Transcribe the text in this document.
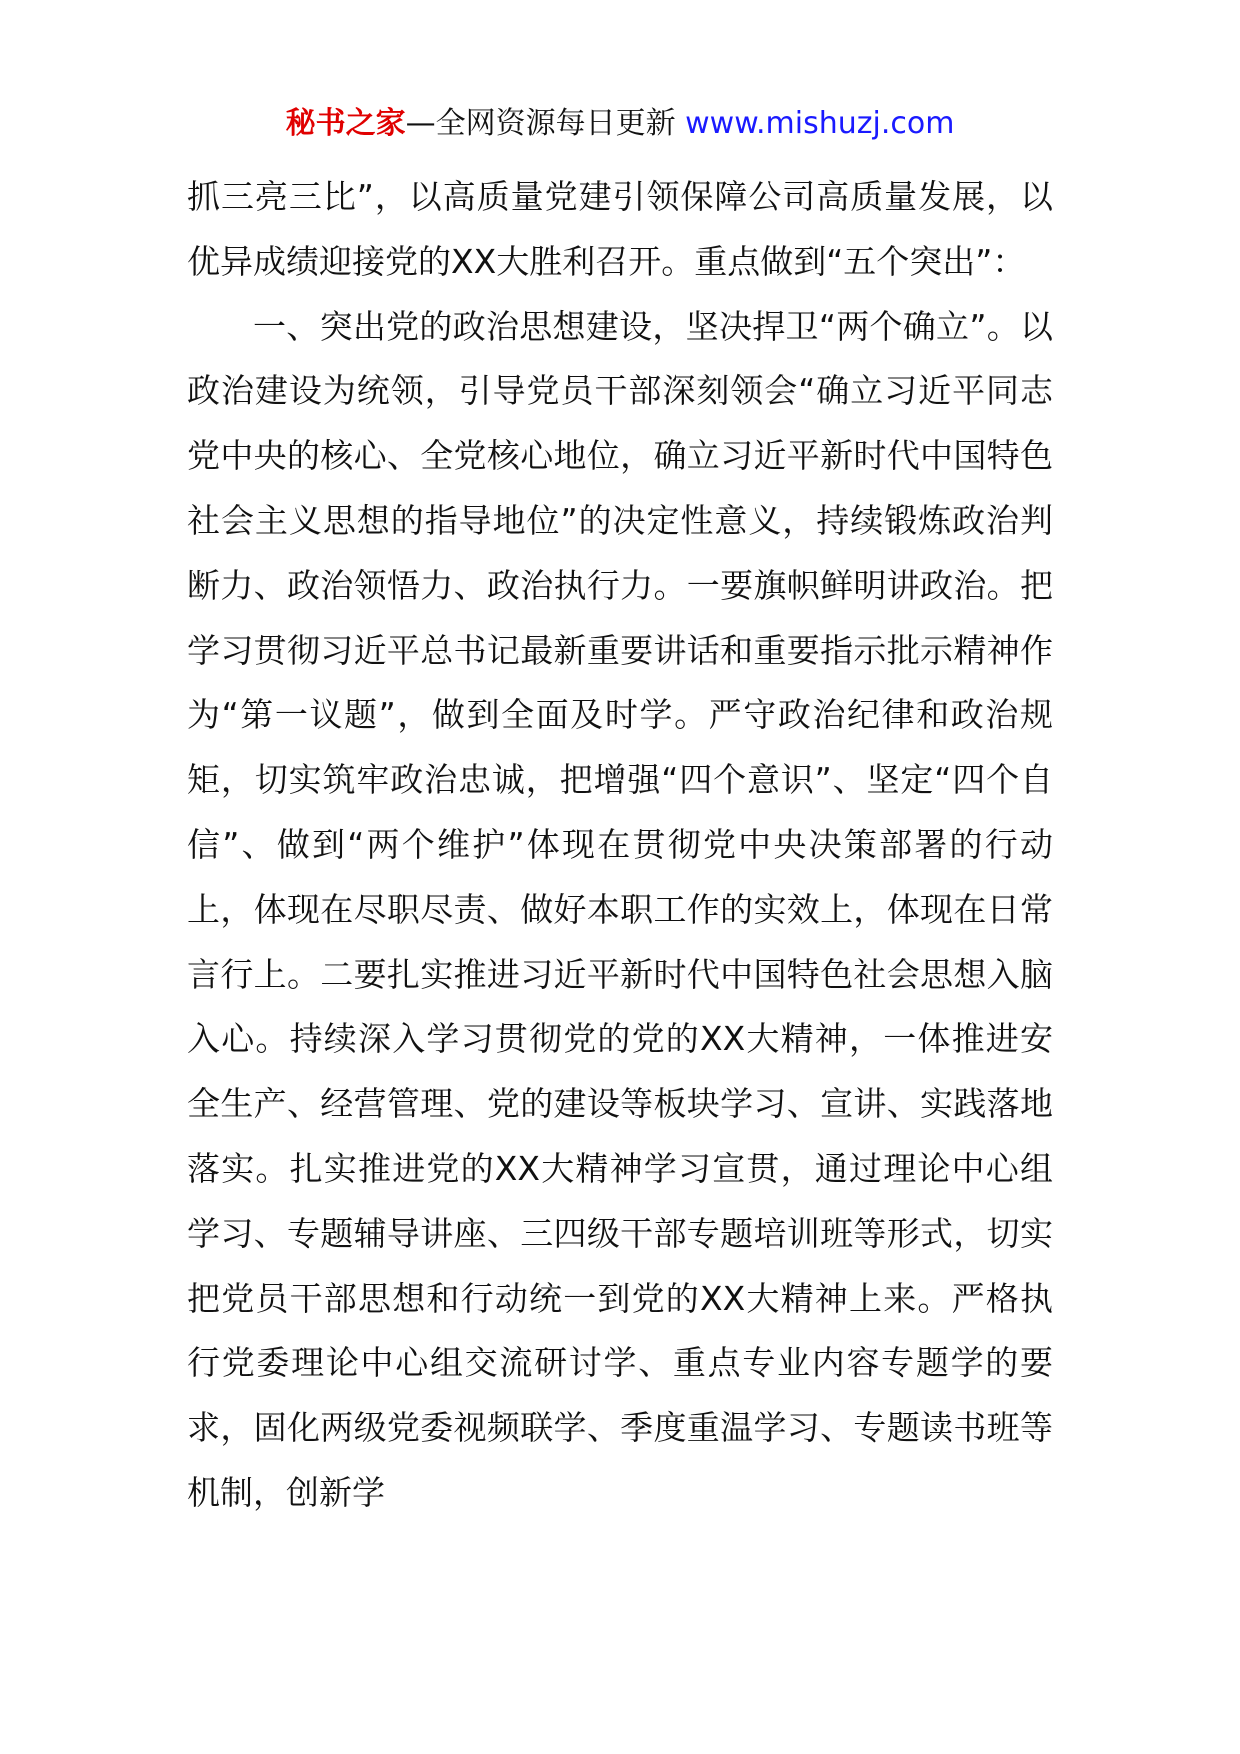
秘书之家—全网资源每日更新 www.mishuzj.com

抓三亮三比”，以高质量党建引领保障公司高质量发展，以优异成绩迎接党的XX大胜利召开。重点做到“五个突出”：

一、突出党的政治思想建设，坚决捍卫“两个确立”。以政治建设为统领，引导党员干部深刻领会“确立习近平同志党中央的核心、全党核心地位，确立习近平新时代中国特色社会主义思想的指导地位”的决定性意义，持续锻炼政治判断力、政治领悟力、政治执行力。一要旗帜鲜明讲政治。把学习贯彻习近平总书记最新重要讲话和重要指示批示精神作为“第一议题”，做到全面及时学。严守政治纪律和政治规矩，切实筑牢政治忠诚，把增强“四个意识”、坚定“四个自信”、做到“两个维护”体现在贯彻党中央决策部署的行动上，体现在尽职尽责、做好本职工作的实效上，体现在日常言行上。二要扎实推进习近平新时代中国特色社会思想入脑入心。持续深入学习贯彻党的党的XX大精神，一体推进安全生产、经营管理、党的建设等板块学习、宣讲、实践落地落实。扎实推进党的XX大精神学习宣贯，通过理论中心组学习、专题辅导讲座、三四级干部专题培训班等形式，切实把党员干部思想和行动统一到党的XX大精神上来。严格执行党委理论中心组交流研讨学、重点专业内容专题学的要求，固化两级党委视频联学、季度重温学习、专题读书班等机制，创新学
